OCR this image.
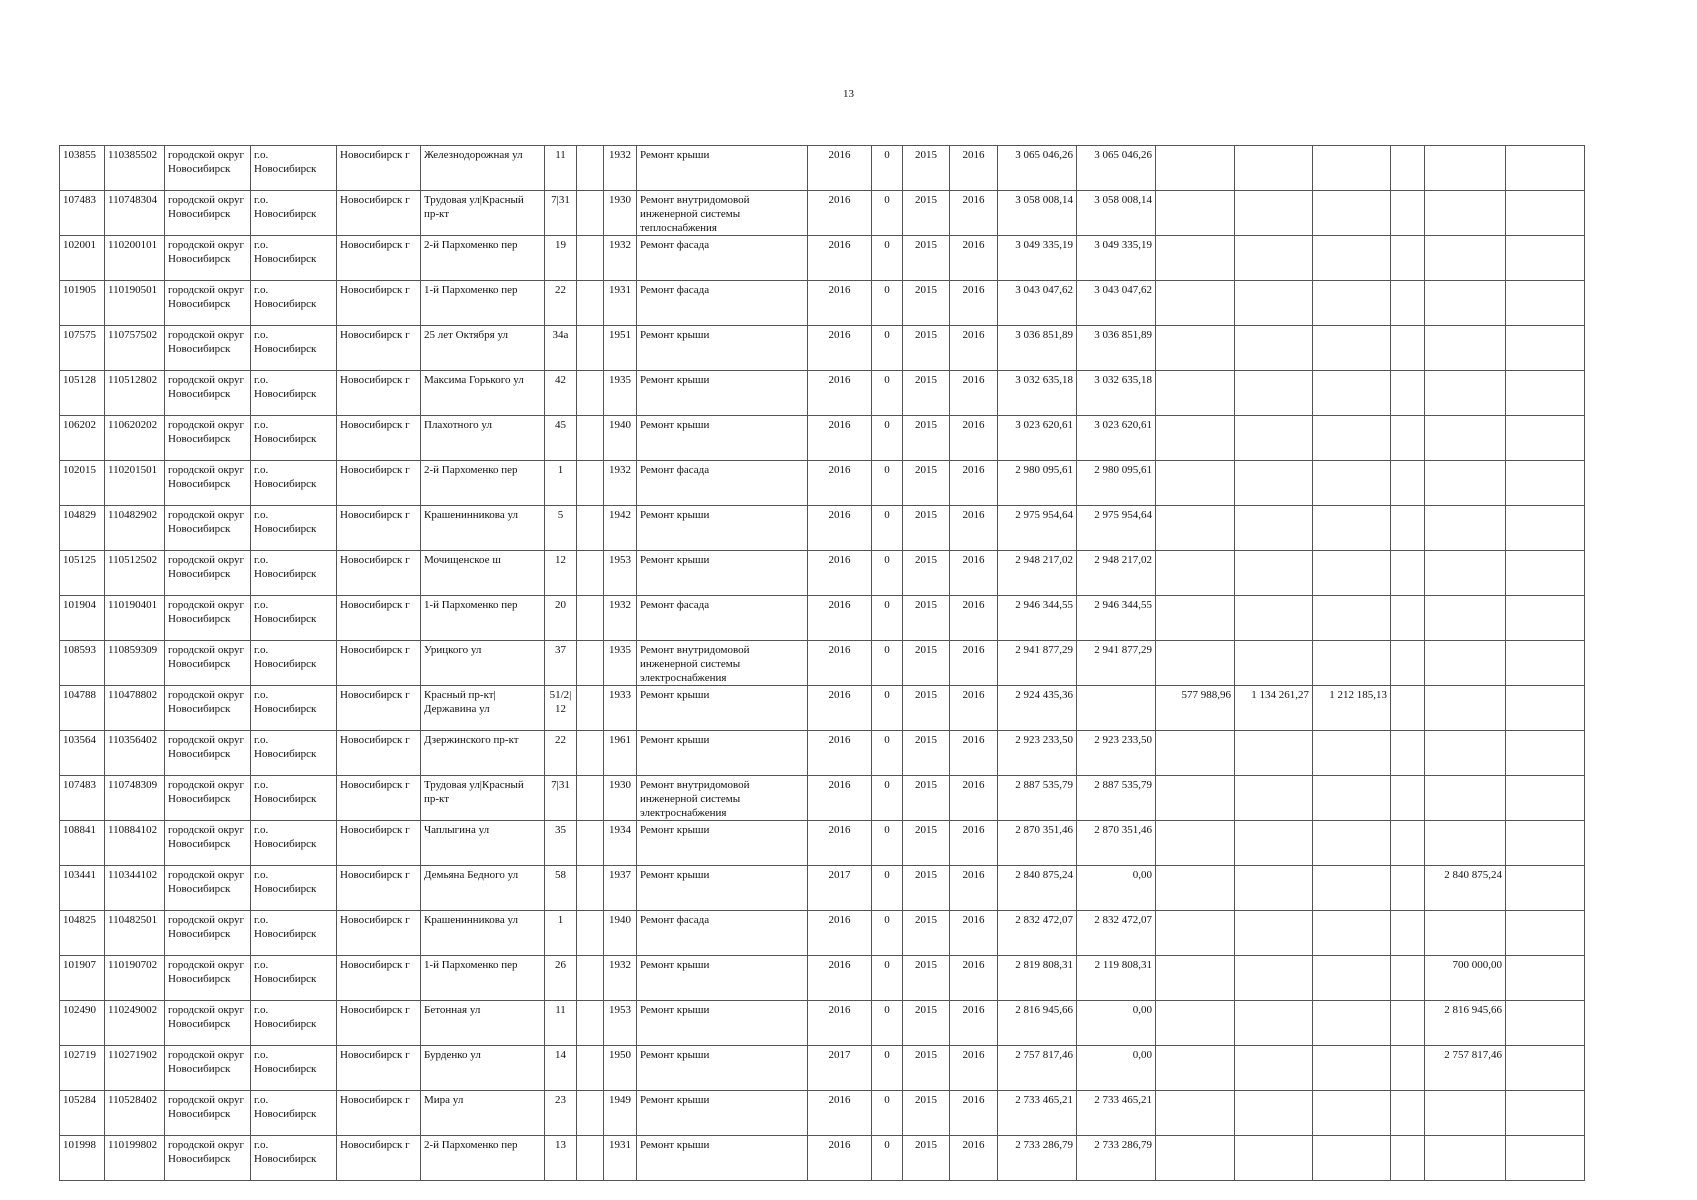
13
103855	110385502	городской округ Новосибирск	г.о. Новосибирск	Новосибирск г	Железнодорожная ул	11		1932	Ремонт крыши	2016	0	2015	2016	3 065 046,26	3 065 046,26						
107483	110748304	городской округ Новосибирск	г.о. Новосибирск	Новосибирск г	Трудовая ул|Красный пр-кт	7|31		1930	Ремонт внутридомовой инженерной системы теплоснабжения	2016	0	2015	2016	3 058 008,14	3 058 008,14						
102001	110200101	городской округ Новосибирск	г.о. Новосибирск	Новосибирск г	2-й Пархоменко пер	19		1932	Ремонт фасада	2016	0	2015	2016	3 049 335,19	3 049 335,19						
101905	110190501	городской округ Новосибирск	г.о. Новосибирск	Новосибирск г	1-й Пархоменко пер	22		1931	Ремонт фасада	2016	0	2015	2016	3 043 047,62	3 043 047,62						
107575	110757502	городской округ Новосибирск	г.о. Новосибирск	Новосибирск г	25 лет Октября ул	34а		1951	Ремонт крыши	2016	0	2015	2016	3 036 851,89	3 036 851,89						
105128	110512802	городской округ Новосибирск	г.о. Новосибирск	Новосибирск г	Максима Горького ул	42		1935	Ремонт крыши	2016	0	2015	2016	3 032 635,18	3 032 635,18						
106202	110620202	городской округ Новосибирск	г.о. Новосибирск	Новосибирск г	Плахотного ул	45		1940	Ремонт крыши	2016	0	2015	2016	3 023 620,61	3 023 620,61						
102015	110201501	городской округ Новосибирск	г.о. Новосибирск	Новосибирск г	2-й Пархоменко пер	1		1932	Ремонт фасада	2016	0	2015	2016	2 980 095,61	2 980 095,61						
104829	110482902	городской округ Новосибирск	г.о. Новосибирск	Новосибирск г	Крашенинникова ул	5		1942	Ремонт крыши	2016	0	2015	2016	2 975 954,64	2 975 954,64						
105125	110512502	городской округ Новосибирск	г.о. Новосибирск	Новосибирск г	Мочищенское ш	12		1953	Ремонт крыши	2016	0	2015	2016	2 948 217,02	2 948 217,02						
101904	110190401	городской округ Новосибирск	г.о. Новосибирск	Новосибирск г	1-й Пархоменко пер	20		1932	Ремонт фасада	2016	0	2015	2016	2 946 344,55	2 946 344,55						
108593	110859309	городской округ Новосибирск	г.о. Новосибирск	Новосибирск г	Урицкого ул	37		1935	Ремонт внутридомовой инженерной системы электроснабжения	2016	0	2015	2016	2 941 877,29	2 941 877,29						
104788	110478802	городской округ Новосибирск	г.о. Новосибирск	Новосибирск г	Красный пр-кт|Державина ул	51/2|12		1933	Ремонт крыши	2016	0	2015	2016	2 924 435,36		577 988,96	1 134 261,27	1 212 185,13			
103564	110356402	городской округ Новосибирск	г.о. Новосибирск	Новосибирск г	Дзержинского пр-кт	22		1961	Ремонт крыши	2016	0	2015	2016	2 923 233,50	2 923 233,50						
107483	110748309	городской округ Новосибирск	г.о. Новосибирск	Новосибирск г	Трудовая ул|Красный пр-кт	7|31		1930	Ремонт внутридомовой инженерной системы электроснабжения	2016	0	2015	2016	2 887 535,79	2 887 535,79						
108841	110884102	городской округ Новосибирск	г.о. Новосибирск	Новосибирск г	Чаплыгина ул	35		1934	Ремонт крыши	2016	0	2015	2016	2 870 351,46	2 870 351,46						
103441	110344102	городской округ Новосибирск	г.о. Новосибирск	Новосибирск г	Демьяна Бедного ул	58		1937	Ремонт крыши	2017	0	2015	2016	2 840 875,24	0,00					2 840 875,24	
104825	110482501	городской округ Новосибирск	г.о. Новосибирск	Новосибирск г	Крашенинникова ул	1		1940	Ремонт фасада	2016	0	2015	2016	2 832 472,07	2 832 472,07						
101907	110190702	городской округ Новосибирск	г.о. Новосибирск	Новосибирск г	1-й Пархоменко пер	26		1932	Ремонт крыши	2016	0	2015	2016	2 819 808,31	2 119 808,31					700 000,00	
102490	110249002	городской округ Новосибирск	г.о. Новосибирск	Новосибирск г	Бетонная ул	11		1953	Ремонт крыши	2016	0	2015	2016	2 816 945,66	0,00					2 816 945,66	
102719	110271902	городской округ Новосибирск	г.о. Новосибирск	Новосибирск г	Бурденко ул	14		1950	Ремонт крыши	2017	0	2015	2016	2 757 817,46	0,00					2 757 817,46	
105284	110528402	городской округ Новосибирск	г.о. Новосибирск	Новосибирск г	Мира ул	23		1949	Ремонт крыши	2016	0	2015	2016	2 733 465,21	2 733 465,21						
101998	110199802	городской округ Новосибирск	г.о. Новосибирск	Новосибирск г	2-й Пархоменко пер	13		1931	Ремонт крыши	2016	0	2015	2016	2 733 286,79	2 733 286,79						
